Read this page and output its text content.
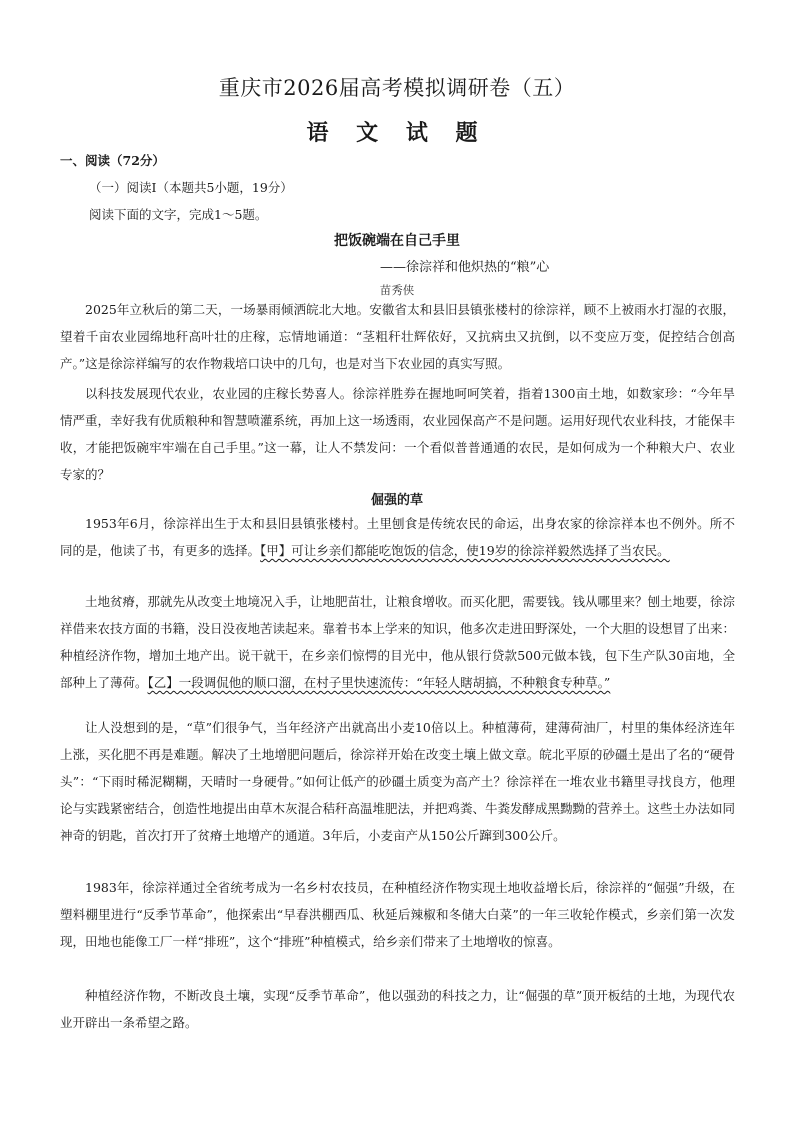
重庆市2026届高考模拟调研卷（五）
语 文 试 题
一、阅读（72分）
（一）阅读Ⅰ（本题共5小题，19分）
阅读下面的文字，完成1～5题。
把饭碗端在自己手里
——徐淙祥和他炽热的“粮”心
苗秀侠

2025年立秋后的第二天，一场暴雨倾洒皖北大地。安徽省太和县旧县镇张楼村的徐淙祥，顾不上被雨水打湿的衣服，望着千亩农业园绵地秆高叶壮的庄稼，忘情地诵道：“茎粗秆壮辉依好，又抗病虫又抗倒，以不变应万变，促控结合创高产。”这是徐淙祥编写的农作物栽培口诀中的几句，也是对当下农业园的真实写照。

以科技发展现代农业，农业园的庄稼长势喜人。徐淙祥胜券在握地呵呵笑着，指着1300亩土地，如数家珍：“今年旱情严重，幸好我有优质粮种和智慧喷灌系统，再加上这一场透雨，农业园保高产不是问题。运用好现代农业科技，才能保丰收，才能把饭碗牢牢端在自己手里。”这一幕，让人不禁发问：一个看似普普通通的农民，是如何成为一个种粮大户、农业专家的？

倔强的草

1953年6月，徐淙祥出生于太和县旧县镇张楼村。土里刨食是传统农民的命运，出身农家的徐淙祥本也不例外。所不同的是，他读了书，有更多的选择。【甲】可让乡亲们都能吃饱饭的信念，使19岁的徐淙祥毅然选择了当农民。

土地贫瘠，那就先从改变土地境况入手，让地肥苗壮，让粮食增收。而买化肥，需要钱。钱从哪里来？刨土地要，徐淙祥借来农技方面的书籍，没日没夜地苦读起来。靠着书本上学来的知识，他多次走进田野深处，一个大胆的设想冒了出来：种植经济作物，增加土地产出。说干就干，在乡亲们惊愕的目光中，他从银行贷款500元做本钱，包下生产队30亩地，全部种上了薄荷。【乙】一段调侃他的顺口溜，在村子里快速流传：“年轻人瞎胡搞，不种粮食专种草。”

让人没想到的是，“草”们很争气，当年经济产出就高出小麦10倍以上。种植薄荷，建薄荷油厂，村里的集体经济连年上涨，买化肥不再是难题。解决了土地增肥问题后，徐淙祥开始在改变土壤上做文章。皖北平原的砂礓土是出了名的“硬骨头”：“下雨时稀泥糊糊，天晴时一身硬骨。”如何让低产的砂礓土质变为高产土？徐淙祥在一堆农业书籍里寻找良方，他理论与实践紧密结合，创造性地提出由草木灰混合秸秆高温堆肥法，并把鸡粪、牛粪发酵成黑黝黝的营养土。这些土办法如同神奇的钥匙，首次打开了贫瘠土地增产的通道。3年后，小麦亩产从150公斤蹿到300公斤。

1983年，徐淙祥通过全省统考成为一名乡村农技员，在种植经济作物实现土地收益增长后，徐淙祥的“倔强”升级，在塑料棚里进行“反季节革命”，他探索出“早春洪棚西瓜、秋延后辣椒和冬储大白菜”的一年三收轮作模式，乡亲们第一次发现，田地也能像工厂一样“排班”，这个“排班”种植模式，给乡亲们带来了土地增收的惊喜。

种植经济作物，不断改良土壤，实现“反季节革命”，他以强劲的科技之力，让“倔强的草”顶开板结的土地，为现代农业开辟出一条希望之路。
